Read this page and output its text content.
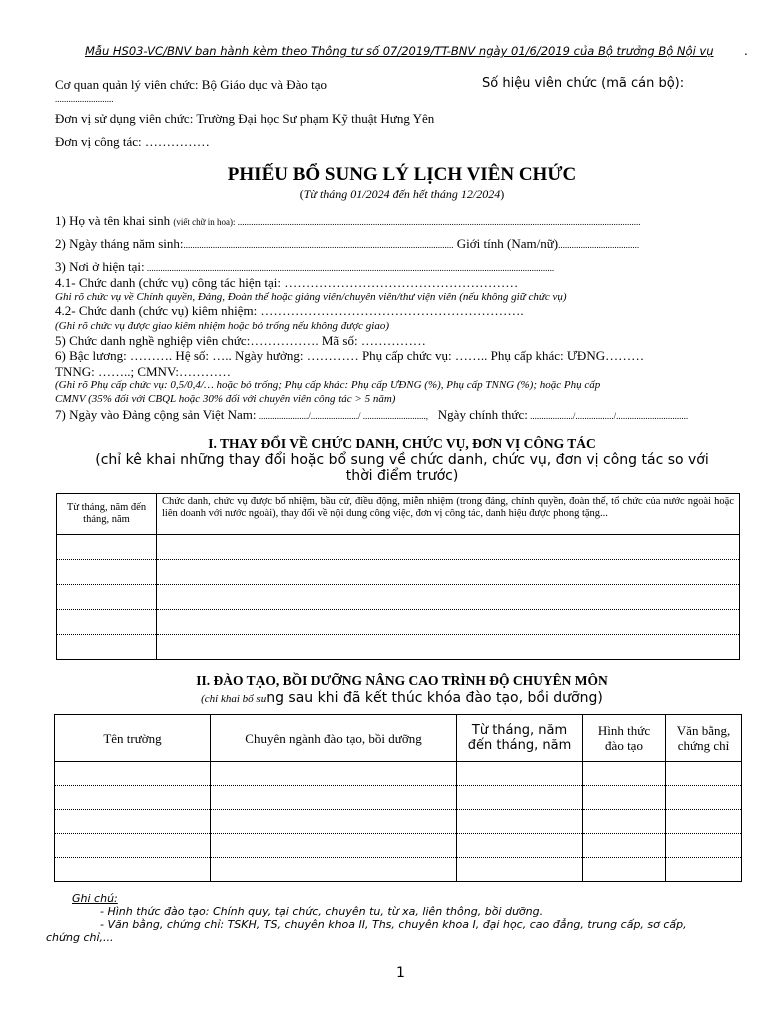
Mẫu HS03-VC/BNV ban hành kèm theo Thông tư số 07/2019/TT-BNV ngày 01/6/2019 của Bộ trưởng Bộ Nội vụ	.
Cơ quan quản lý viên chức: Bộ Giáo dục và Đào tạo	Số hiệu viên chức (mã cán bộ):
..........................
Đơn vị sử dụng viên chức: Trường Đại học Sư phạm Kỹ thuật Hưng Yên
Đơn vị công tác: ……………
PHIẾU BỔ SUNG LÝ LỊCH VIÊN CHỨC
(Từ tháng 01/2024 đến hết tháng 12/2024)
1) Họ và tên khai sinh (viết chữ in hoa): ...................................................................................................................................................................................
2) Ngày tháng năm sinh:........................................................................................................................ Giới tính (Nam/nữ)....................................
3) Nơi ở hiện tại: .....................................................................................................................................................................................
4.1- Chức danh (chức vụ) công tác hiện tại: ………………………………………………
Ghi rõ chức vụ về Chính quyền, Đảng, Đoàn thể hoặc giảng viên/chuyên viên/thư viện viên (nếu không giữ chức vụ)
4.2- Chức danh (chức vụ) kiêm nhiệm: …………………………………………………….
(Ghi rõ chức vụ được giao kiêm nhiệm hoặc bỏ trống nếu không được giao)
5) Chức danh nghề nghiệp viên chức:……………. Mã số: ……………
6) Bậc lương: ………. Hệ số: ….. Ngày hưởng: ………… Phụ cấp chức vụ: …….. Phụ cấp khác: ƯĐNG………
TNNG: ……..; CMNV:…………
(Ghi rõ Phụ cấp chức vụ: 0,5/0,4/… hoặc bỏ trống; Phụ cấp khác: Phụ cấp ƯĐNG (%), Phụ cấp TNNG (%); hoặc Phụ cấp
CMNV (35% đối với CBQL hoặc 30% đối với chuyên viên công tác > 5 năm)
7) Ngày vào Đảng cộng sản Việt Nam: ....................../...................../ ............................, Ngày chính thức: .................../................./................................
I. THAY ĐỔI VỀ CHỨC DANH, CHỨC VỤ, ĐƠN VỊ CÔNG TÁC
(chỉ kê khai những thay đổi hoặc bổ sung về chức danh, chức vụ, đơn vị công tác so với
thời điểm trước)
Từ tháng, năm đến tháng, năm	Chức danh, chức vụ được bổ nhiệm, bầu cử, điều động, miễn nhiệm (trong đảng, chính quyền, đoàn thể, tổ chức của nước ngoài hoặc liên doanh với nước ngoài), thay đổi về nội dung công việc, đơn vị công tác, danh hiệu được phong tặng...

II. ĐÀO TẠO, BỒI DƯỠNG NÂNG CAO TRÌNH ĐỘ CHUYÊN MÔN
(chỉ khai bổ sung sau khi đã kết thúc khóa đào tạo, bồi dưỡng)
Tên trường	Chuyên ngành đào tạo, bồi dưỡng	Từ tháng, năm đến tháng, năm	Hình thức đào tạo	Văn bằng, chứng chỉ

Ghi chú:
- Hình thức đào tạo: Chính quy, tại chức, chuyên tu, từ xa, liên thông, bồi dưỡng.
- Văn bằng, chứng chỉ: TSKH, TS, chuyên khoa II, Ths, chuyên khoa I, đại học, cao đẳng, trung cấp, sơ cấp,
chứng chỉ,...
1
